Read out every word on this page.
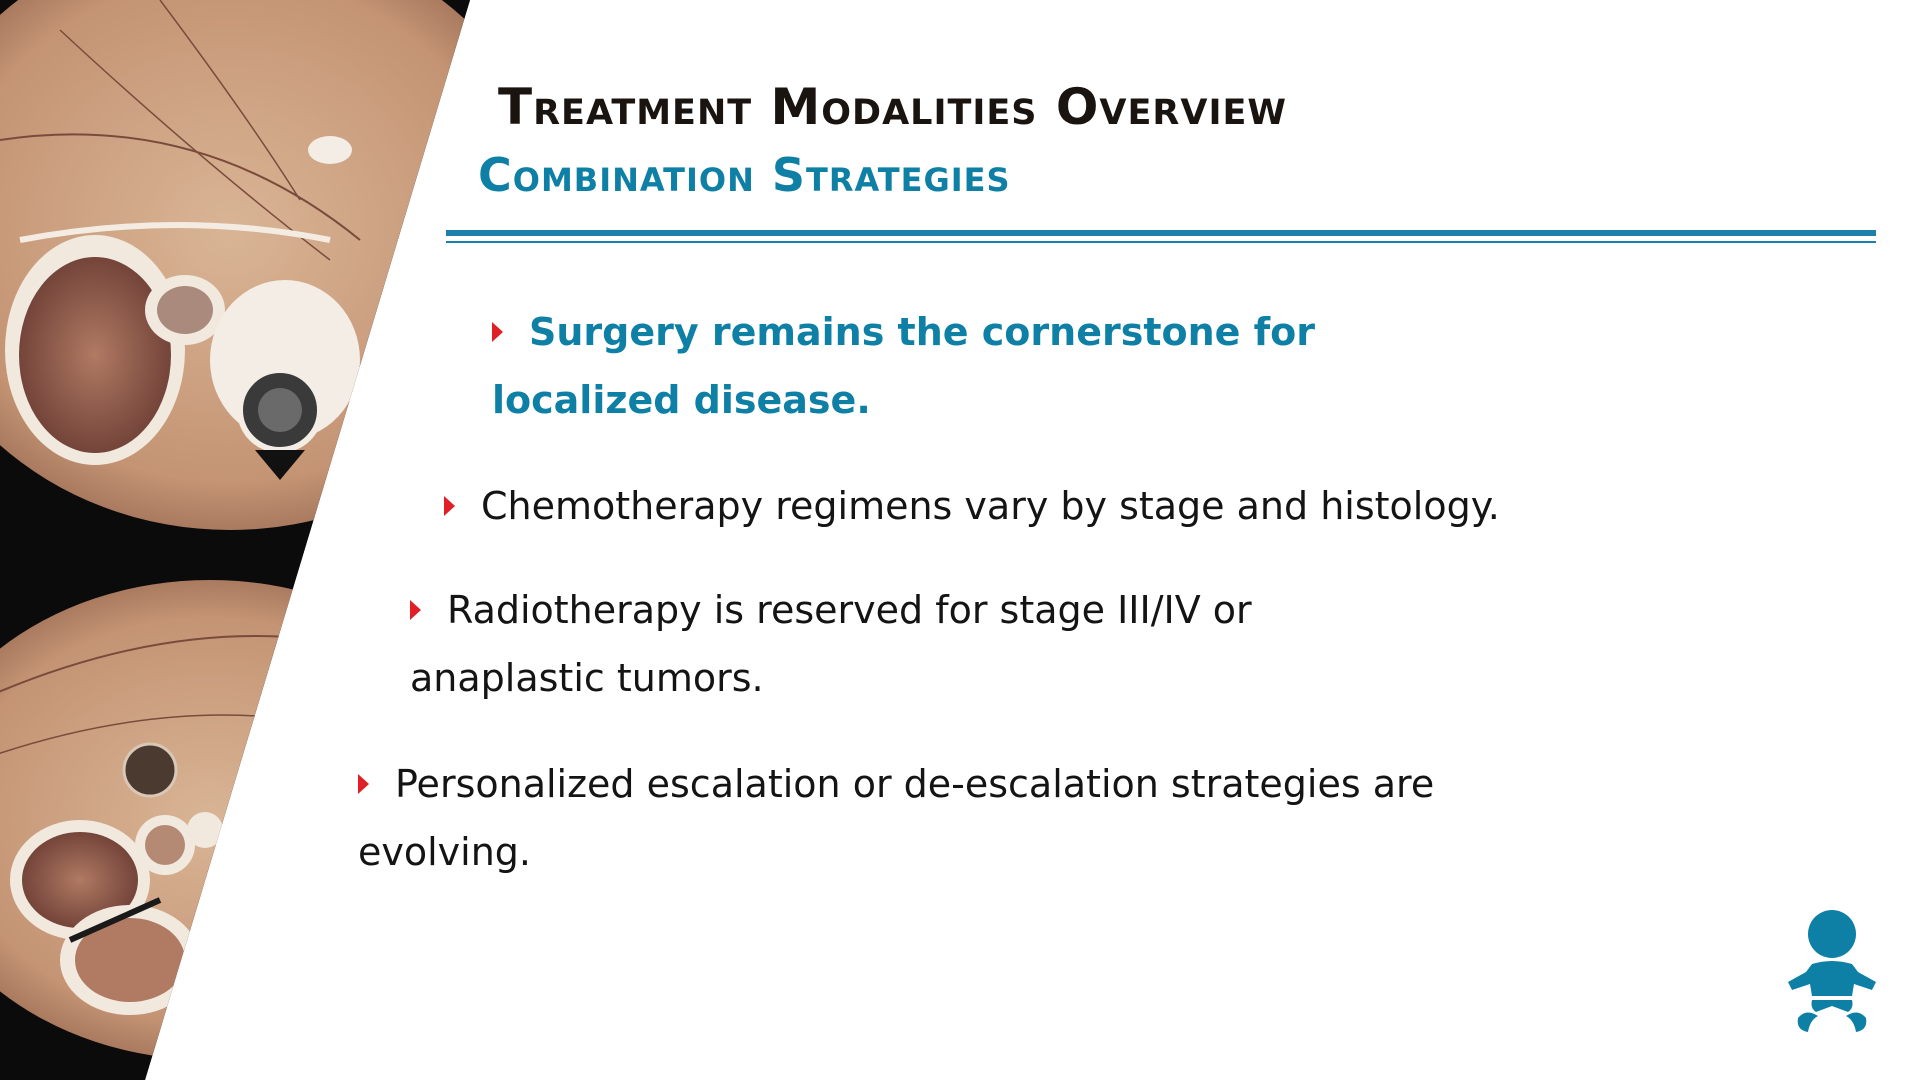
Treatment Modalities Overview
Combination Strategies
Surgery remains the cornerstone for localized disease.
Chemotherapy regimens vary by stage and histology.
Radiotherapy is reserved for stage III/IV or anaplastic tumors.
Personalized escalation or de-escalation strategies are evolving.
